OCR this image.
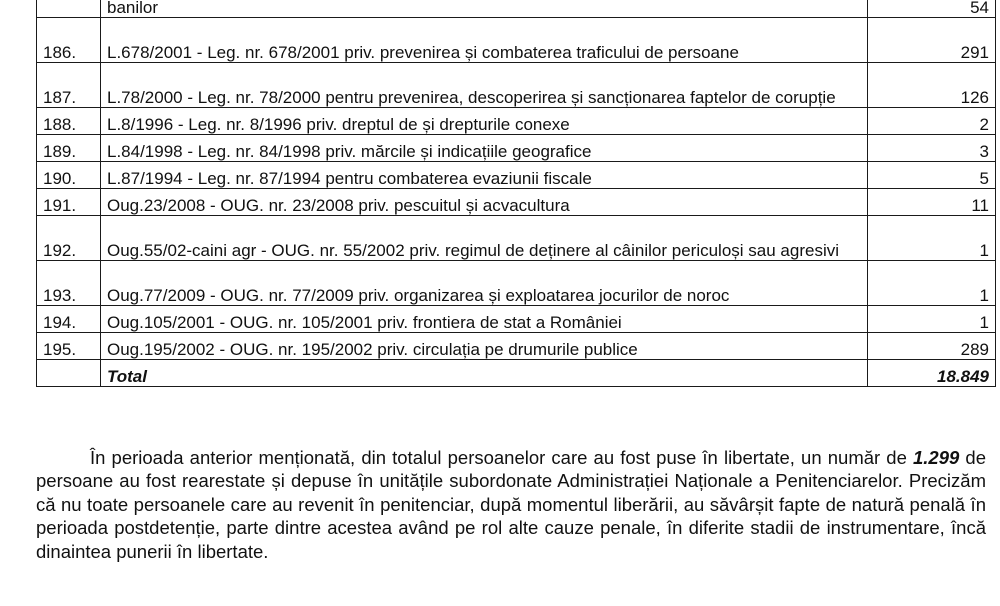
	banilor	54
186.	L.678/2001 - Leg. nr. 678/2001 priv. prevenirea și combaterea traficului de persoane	291
187.	L.78/2000 - Leg. nr. 78/2000 pentru prevenirea, descoperirea și sancționarea faptelor de corupție	126
188.	L.8/1996 - Leg. nr. 8/1996 priv. dreptul de și drepturile conexe	2
189.	L.84/1998 - Leg. nr. 84/1998 priv. mărcile și indicațiile geografice	3
190.	L.87/1994 - Leg. nr. 87/1994 pentru combaterea evaziunii fiscale	5
191.	Oug.23/2008 - OUG. nr. 23/2008 priv. pescuitul și acvacultura	11
192.	Oug.55/02-caini agr - OUG. nr. 55/2002 priv. regimul de deținere al câinilor periculoși sau agresivi	1
193.	Oug.77/2009 - OUG. nr. 77/2009 priv. organizarea și exploatarea jocurilor de noroc	1
194.	Oug.105/2001 - OUG. nr. 105/2001 priv. frontiera de stat a României	1
195.	Oug.195/2002 - OUG. nr. 195/2002 priv. circulația pe drumurile publice	289
	Total	18.849

În perioada anterior menționată, din totalul persoanelor care au fost puse în libertate, un număr de 1.299 de persoane au fost rearestate și depuse în unitățile subordonate Administrației Naționale a Penitenciarelor. Precizăm că nu toate persoanele care au revenit în penitenciar, după momentul liberării, au săvârșit fapte de natură penală în perioada postdetenție, parte dintre acestea având pe rol alte cauze penale, în diferite stadii de instrumentare, încă dinaintea punerii în libertate.
